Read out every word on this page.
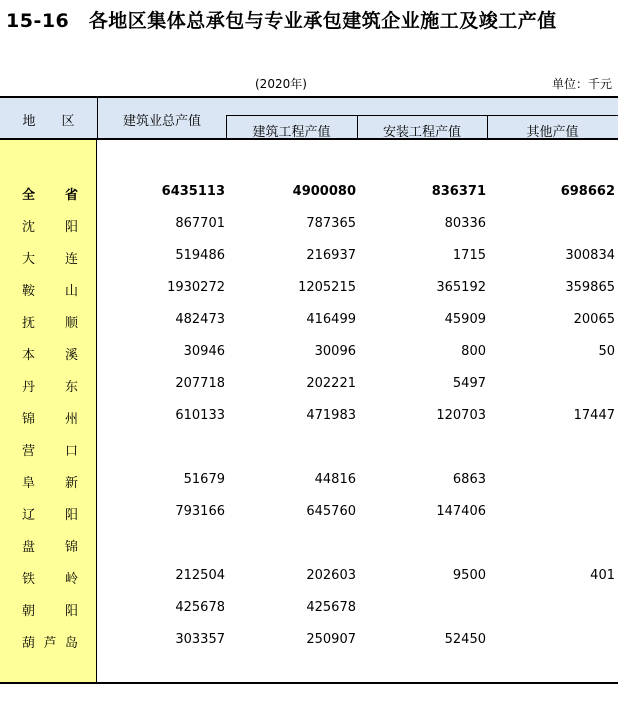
15-16　各地区集体总承包与专业承包建筑企业施工及竣工产值
(2020年)	单位：千元
地　　区	建筑业总产值
建筑工程产值	安装工程产值	其他产值
全 省	6435113	4900080	836371	698662
沈 阳	867701	787365	80336
大 连	519486	216937	1715	300834
鞍 山	1930272	1205215	365192	359865
抚 顺	482473	416499	45909	20065
本 溪	30946	30096	800	50
丹 东	207718	202221	5497
锦 州	610133	471983	120703	17447
营 口
阜 新	51679	44816	6863
辽 阳	793166	645760	147406
盘 锦
铁 岭	212504	202603	9500	401
朝 阳	425678	425678
葫 芦 岛	303357	250907	52450
